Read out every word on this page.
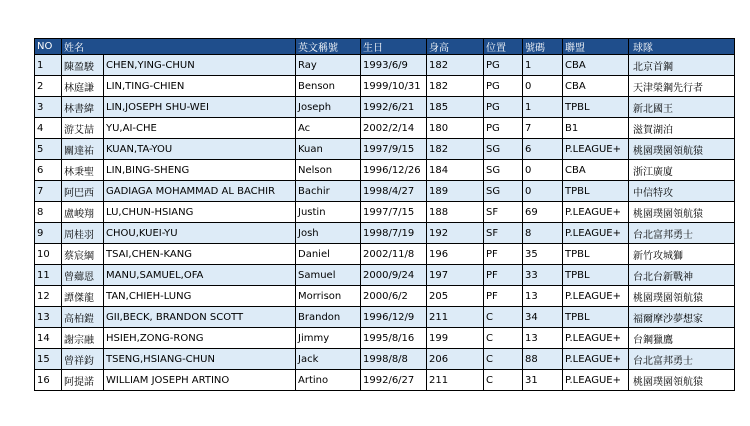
NO	姓名		英文稱號	生日	身高	位置	號碼	聯盟	球隊
1	陳盈駿	CHEN,YING-CHUN	Ray	1993/6/9	182	PG	1	CBA	北京首鋼
2	林庭謙	LIN,TING-CHIEN	Benson	1999/10/31	182	PG	0	CBA	天津榮鋼先行者
3	林書緯	LIN,JOSEPH SHU-WEI	Joseph	1992/6/21	185	PG	1	TPBL	新北國王
4	游艾喆	YU,AI-CHE	Ac	2002/2/14	180	PG	7	B1	滋賀湖泊
5	關達祐	KUAN,TA-YOU	Kuan	1997/9/15	182	SG	6	P.LEAGUE+	桃園璞園領航猿
6	林秉聖	LIN,BING-SHENG	Nelson	1996/12/26	184	SG	0	CBA	浙江廣廈
7	阿巴西	GADIAGA MOHAMMAD AL BACHIR	Bachir	1998/4/27	189	SG	0	TPBL	中信特攻
8	盧峻翔	LU,CHUN-HSIANG	Justin	1997/7/15	188	SF	69	P.LEAGUE+	桃園璞園領航猿
9	周桂羽	CHOU,KUEI-YU	Josh	1998/7/19	192	SF	8	P.LEAGUE+	台北富邦勇士
10	蔡宸綱	TSAI,CHEN-KANG	Daniel	2002/11/8	196	PF	35	TPBL	新竹攻城獅
11	曾薌恩	MANU,SAMUEL,OFA	Samuel	2000/9/24	197	PF	33	TPBL	台北台新戰神
12	譚傑龍	TAN,CHIEH-LUNG	Morrison	2000/6/2	205	PF	13	P.LEAGUE+	桃園璞園領航猿
13	高柏鎧	GII,BECK, BRANDON SCOTT	Brandon	1996/12/9	211	C	34	TPBL	福爾摩沙夢想家
14	謝宗融	HSIEH,ZONG-RONG	Jimmy	1995/8/16	199	C	13	P.LEAGUE+	台鋼獵鷹
15	曾祥鈞	TSENG,HSIANG-CHUN	Jack	1998/8/8	206	C	88	P.LEAGUE+	台北富邦勇士
16	阿提諾	WILLIAM JOSEPH ARTINO	Artino	1992/6/27	211	C	31	P.LEAGUE+	桃園璞園領航猿
